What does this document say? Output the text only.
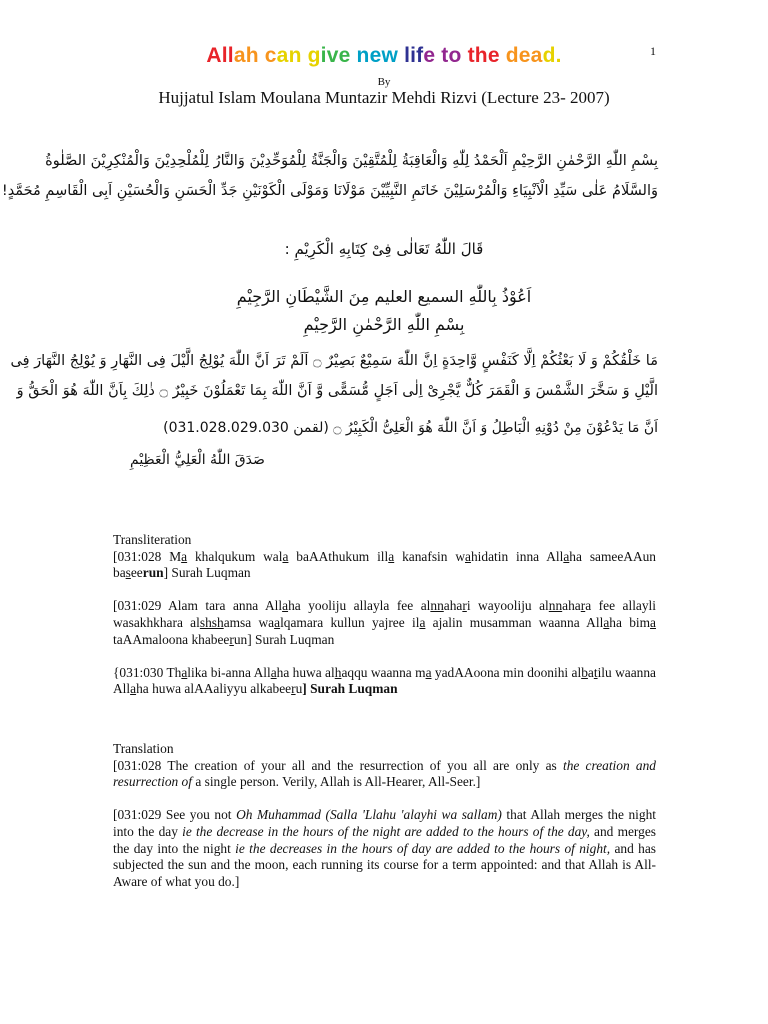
1
Allah can give new life to the dead.
By
Hujjatul Islam Moulana Muntazir Mehdi Rizvi (Lecture 23- 2007)
بِسْمِ اللّٰهِ الرَّحْمٰنِ الرَّحِيْمِ اَلْحَمْدُ لِلّٰهِ وَالْعَاقِبَةُ لِلْمُتَّقِيْنَ وَالْجَنَّةُ لِلْمُوَحِّدِيْنَ وَالنَّارُ لِلْمُلْحِدِيْنَ وَالْمُنْكِرِيْنَ الصَّلٰوةُ
وَالسَّلَامُ عَلٰى سَيِّدِ الْاَنْبِيَاءِ وَالْمُرْسَلِيْنَ خَاتَمِ النَّبِيِّيْنَ مَوْلَانَا وَمَوْلَى الْكَوْنَيْنِ جَدِّ الْحَسَنِ وَالْحُسَيْنِ اَبِى الْقَاسِمِ مُحَمَّدٍ!
قَالَ اللّٰهُ تَعَالٰى فِىْ كِتَابِهِ الْكَرِيْمِ :
اَعُوْذُ بِاللّٰهِ السميع العليم مِنَ الشَّيْطَانِ الرَّجِيْمِ
بِسْمِ اللّٰهِ الرَّحْمٰنِ الرَّحِيْمِ
مَا خَلْقُكُمْ وَ لَا بَعْثُكُمْ اِلَّا كَنَفْسٍ وَّاحِدَةٍ اِنَّ اللّٰهَ سَمِيْعٌ بَصِيْرٌ ۝ اَلَمْ تَرَ اَنَّ اللّٰهَ يُوْلِجُ الَّيْلَ فِى النَّهَارِ وَ يُوْلِجُ النَّهَارَ فِى
الَّيْلِ وَ سَخَّرَ الشَّمْسَ وَ الْقَمَرَ كُلٌّ يَّجْرِىْ اِلٰى اَجَلٍ مُّسَمًّى وَّ اَنَّ اللّٰهَ بِمَا تَعْمَلُوْنَ خَبِيْرٌ ۝ ذٰلِكَ بِاَنَّ اللّٰهَ هُوَ الْحَقُّ وَ
اَنَّ مَا يَدْعُوْنَ مِنْ دُوْنِهِ الْبَاطِلُ وَ اَنَّ اللّٰهَ هُوَ الْعَلِىُّ الْكَبِيْرُ ۝ (لقمن 031.028.029.030)
صَدَقَ اللّٰهُ الْعَلِيُّ الْعَظِيْمِ

Transliteration

[031:028 Ma khalqukum wala baAAthukum illa kanafsin wahidatin inna Allaha sameeAAun baseerun] Surah Luqman

[031:029 Alam tara anna Allaha yooliju allayla fee alnnahari wayooliju alnnahara fee allayli wasakhkhara alshshamsa waalqamara kullun yajree ila ajalin musamman waanna Allaha bima taAAmaloona khabeerun] Surah Luqman

{031:030 Thalika bi-anna Allaha huwa alhaqqu waanna ma yadAAoona min doonihi albatilu waanna Allaha huwa alAAaliyyu alkabeeru] Surah Luqman

Translation

[031:028 The creation of your all and the resurrection of you all are only as the creation and resurrection of a single person. Verily, Allah is All-Hearer, All-Seer.]

[031:029 See you not Oh Muhammad (Salla 'Llahu 'alayhi wa sallam) that Allah merges the night into the day ie the decrease in the hours of the night are added to the hours of the day, and merges the day into the night ie the decreases in the hours of day are added to the hours of night, and has subjected the sun and the moon, each running its course for a term appointed: and that Allah is All-Aware of what you do.]
